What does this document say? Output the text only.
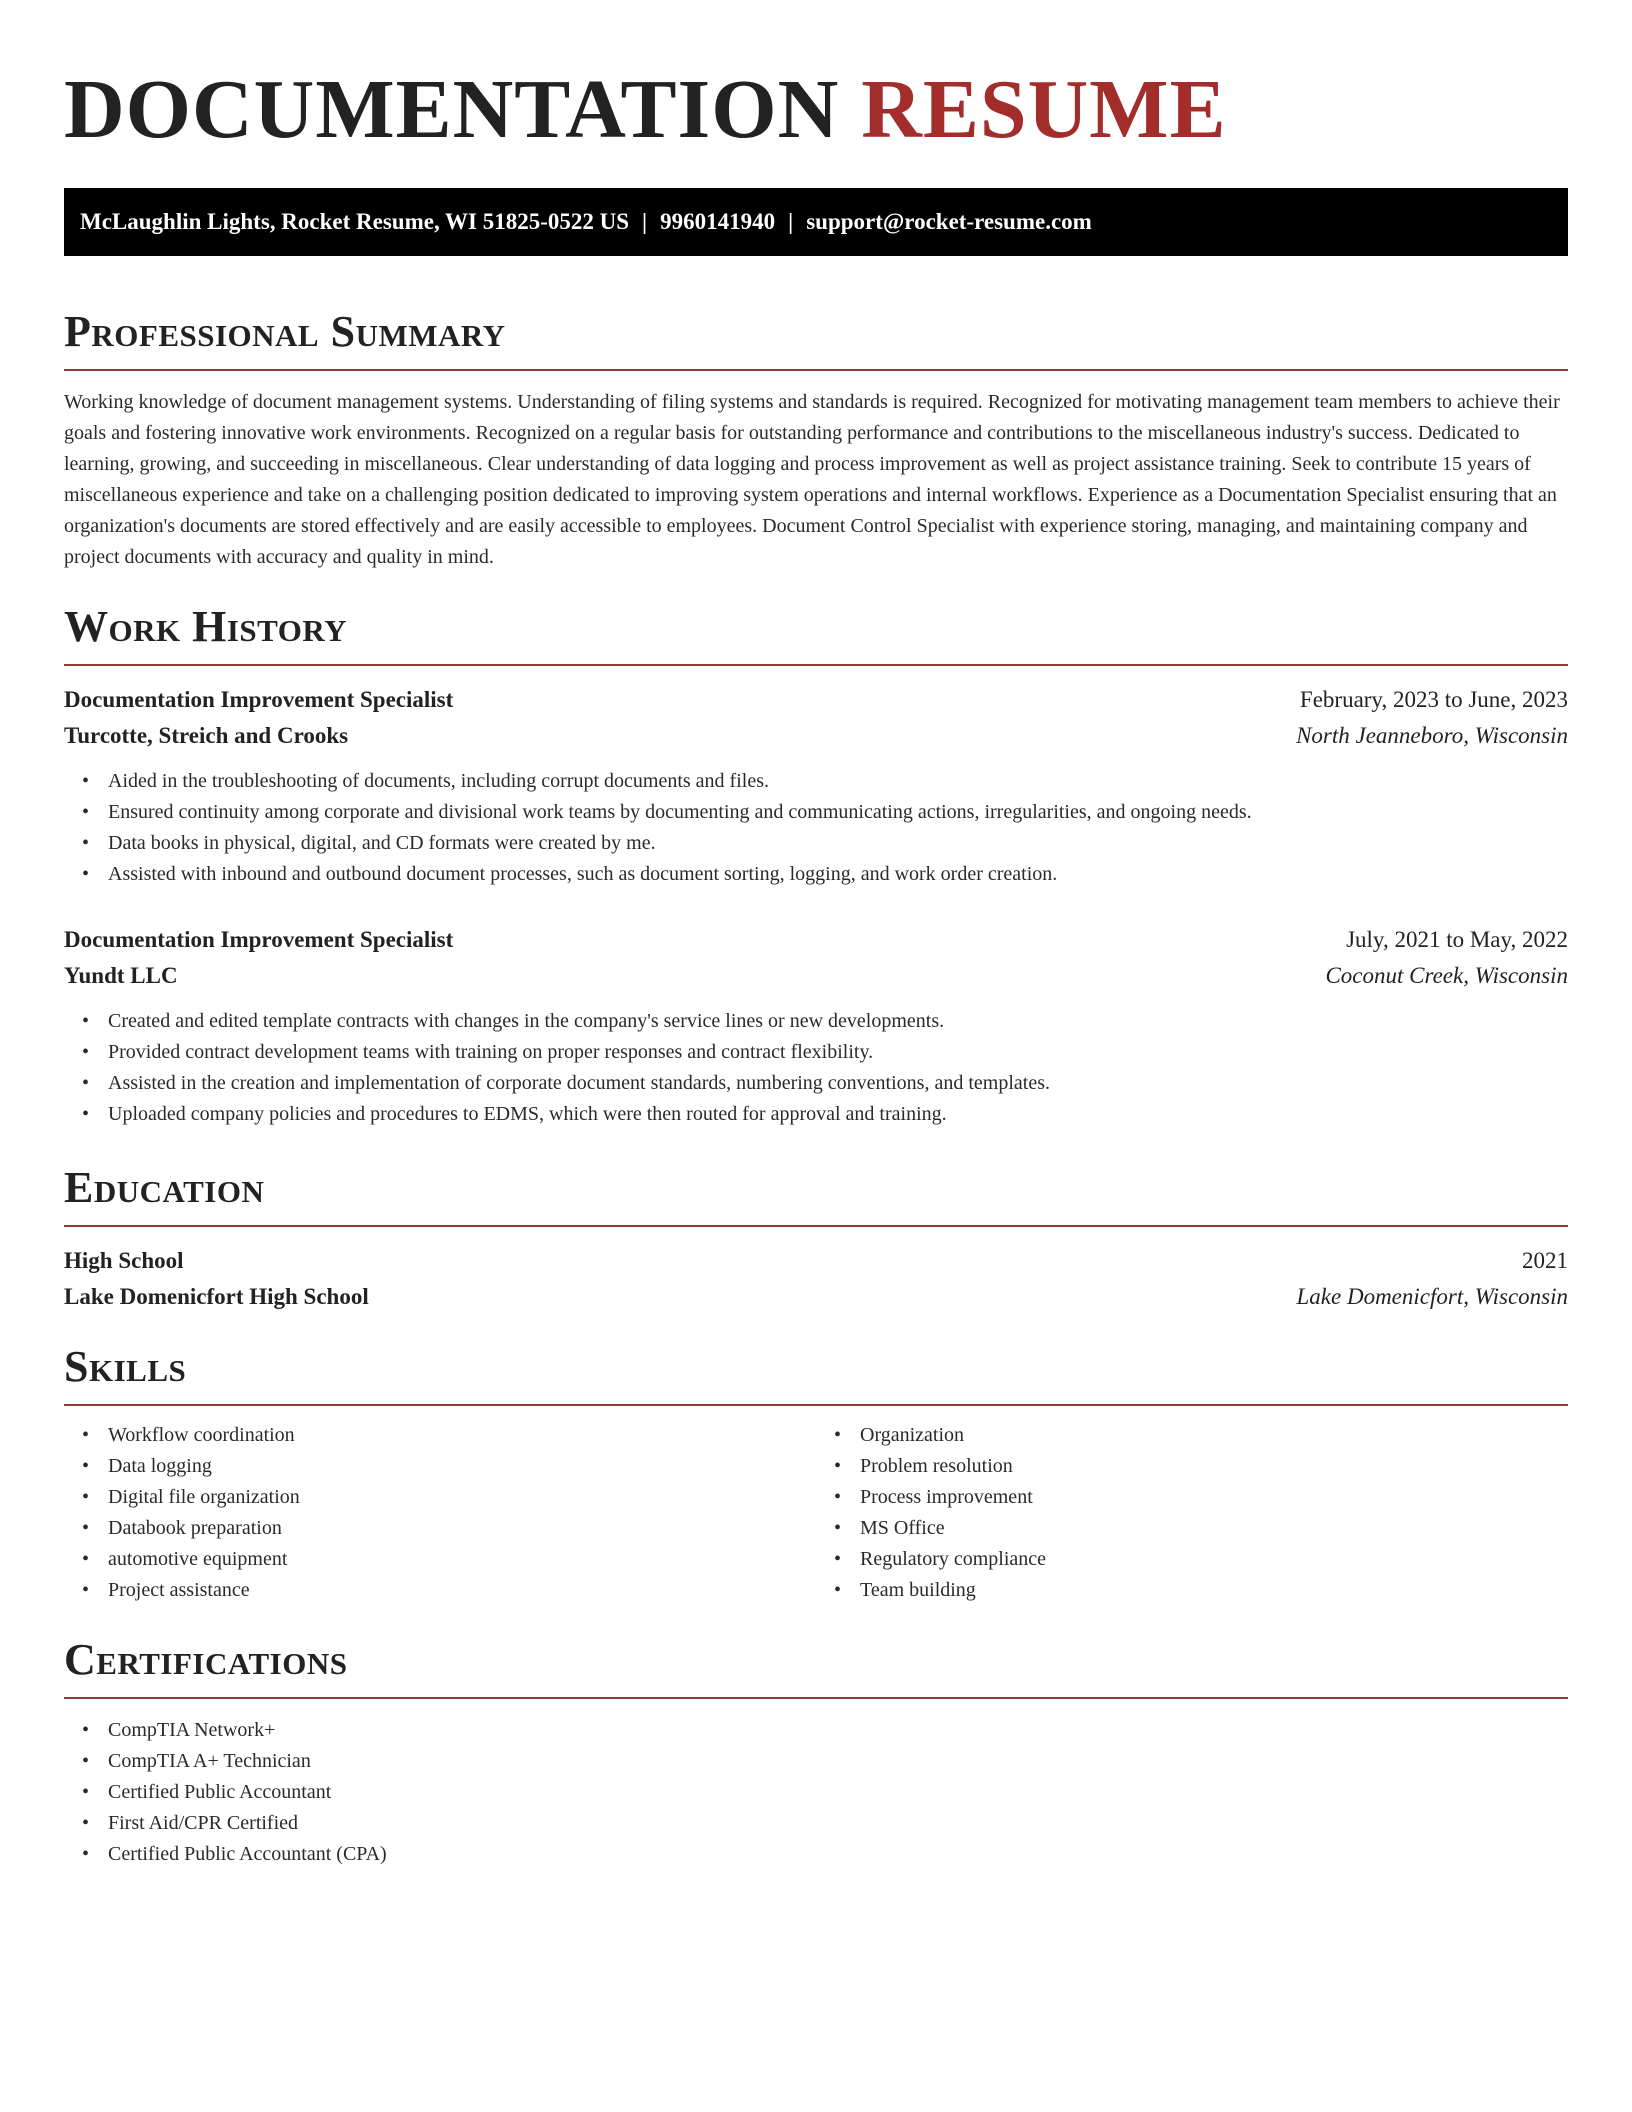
DOCUMENTATION RESUME
McLaughlin Lights, Rocket Resume, WI 51825-0522 US | 9960141940 | support@rocket-resume.com
Professional Summary

Working knowledge of document management systems. Understanding of filing systems and standards is required. Recognized for motivating management team members to achieve their goals and fostering innovative work environments. Recognized on a regular basis for outstanding performance and contributions to the miscellaneous industry's success. Dedicated to learning, growing, and succeeding in miscellaneous. Clear understanding of data logging and process improvement as well as project assistance training. Seek to contribute 15 years of miscellaneous experience and take on a challenging position dedicated to improving system operations and internal workflows. Experience as a Documentation Specialist ensuring that an organization's documents are stored effectively and are easily accessible to employees. Document Control Specialist with experience storing, managing, and maintaining company and project documents with accuracy and quality in mind.

Work History
Documentation Improvement Specialist	February, 2023 to June, 2023
Turcotte, Streich and Crooks	North Jeanneboro, Wisconsin
• Aided in the troubleshooting of documents, including corrupt documents and files.
• Ensured continuity among corporate and divisional work teams by documenting and communicating actions, irregularities, and ongoing needs.
• Data books in physical, digital, and CD formats were created by me.
• Assisted with inbound and outbound document processes, such as document sorting, logging, and work order creation.
Documentation Improvement Specialist	July, 2021 to May, 2022
Yundt LLC	Coconut Creek, Wisconsin
• Created and edited template contracts with changes in the company's service lines or new developments.
• Provided contract development teams with training on proper responses and contract flexibility.
• Assisted in the creation and implementation of corporate document standards, numbering conventions, and templates.
• Uploaded company policies and procedures to EDMS, which were then routed for approval and training.
Education
High School	2021
Lake Domenicfort High School	Lake Domenicfort, Wisconsin
Skills
• Workflow coordination
• Data logging
• Digital file organization
• Databook preparation
• automotive equipment
• Project assistance
• Organization
• Problem resolution
• Process improvement
• MS Office
• Regulatory compliance
• Team building
Certifications
• CompTIA Network+
• CompTIA A+ Technician
• Certified Public Accountant
• First Aid/CPR Certified
• Certified Public Accountant (CPA)
